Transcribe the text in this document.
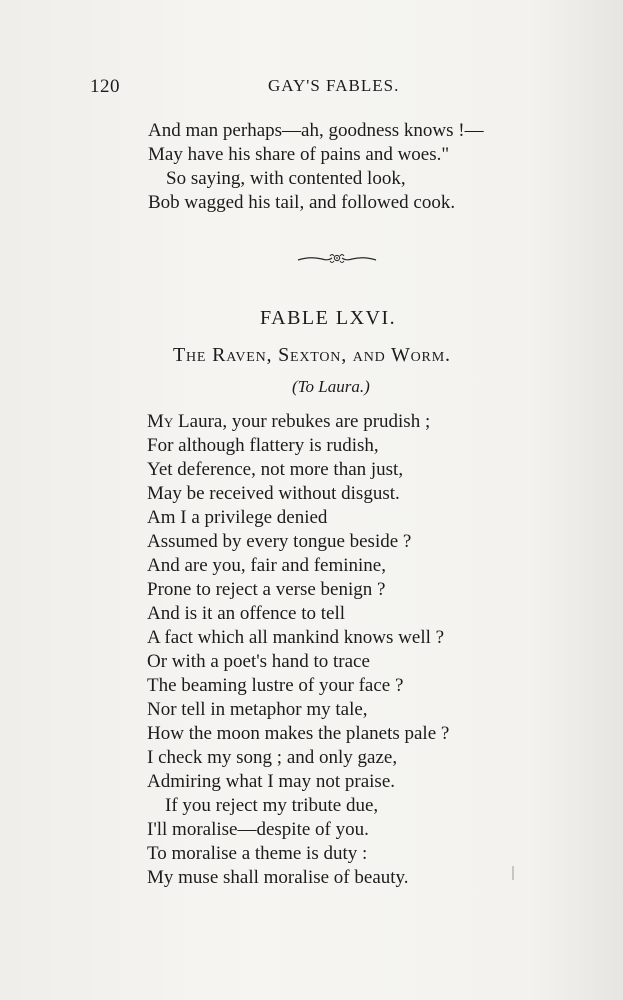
120	GAY'S FABLES.
And man perhaps—ah, goodness knows !—
May have his share of pains and woes."
So saying, with contented look,
Bob wagged his tail, and followed cook.
FABLE LXVI.
The Raven, Sexton, and Worm.
(To Laura.)
My Laura, your rebukes are prudish ;
For although flattery is rudish,
Yet deference, not more than just,
May be received without disgust.
Am I a privilege denied
Assumed by every tongue beside ?
And are you, fair and feminine,
Prone to reject a verse benign ?
And is it an offence to tell
A fact which all mankind knows well ?
Or with a poet's hand to trace
The beaming lustre of your face ?
Nor tell in metaphor my tale,
How the moon makes the planets pale ?
I check my song ; and only gaze,
Admiring what I may not praise.
If you reject my tribute due,
I'll moralise—despite of you.
To moralise a theme is duty :
My muse shall moralise of beauty.
